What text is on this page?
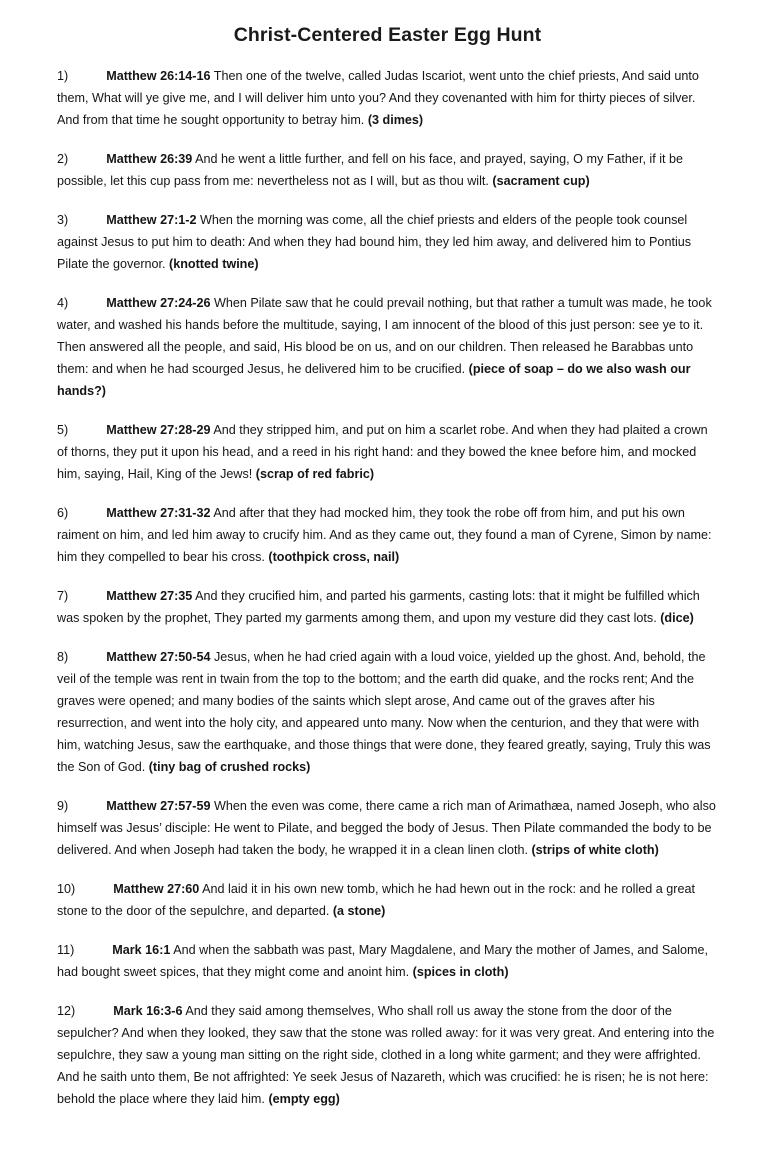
Christ-Centered Easter Egg Hunt

1)	Matthew 26:14-16 Then one of the twelve, called Judas Iscariot, went unto the chief priests, And said unto them, What will ye give me, and I will deliver him unto you? And they covenanted with him for thirty pieces of silver. And from that time he sought opportunity to betray him. (3 dimes)

2)	Matthew 26:39 And he went a little further, and fell on his face, and prayed, saying, O my Father, if it be possible, let this cup pass from me: nevertheless not as I will, but as thou wilt. (sacrament cup)

3)	Matthew 27:1-2 When the morning was come, all the chief priests and elders of the people took counsel against Jesus to put him to death: And when they had bound him, they led him away, and delivered him to Pontius Pilate the governor. (knotted twine)

4)	Matthew 27:24-26 When Pilate saw that he could prevail nothing, but that rather a tumult was made, he took water, and washed his hands before the multitude, saying, I am innocent of the blood of this just person: see ye to it. Then answered all the people, and said, His blood be on us, and on our children. Then released he Barabbas unto them: and when he had scourged Jesus, he delivered him to be crucified. (piece of soap – do we also wash our hands?)

5)	Matthew 27:28-29 And they stripped him, and put on him a scarlet robe. And when they had plaited a crown of thorns, they put it upon his head, and a reed in his right hand: and they bowed the knee before him, and mocked him, saying, Hail, King of the Jews! (scrap of red fabric)

6)	Matthew 27:31-32 And after that they had mocked him, they took the robe off from him, and put his own raiment on him, and led him away to crucify him. And as they came out, they found a man of Cyrene, Simon by name: him they compelled to bear his cross. (toothpick cross, nail)

7)	Matthew 27:35 And they crucified him, and parted his garments, casting lots: that it might be fulfilled which was spoken by the prophet, They parted my garments among them, and upon my vesture did they cast lots. (dice)

8)	Matthew 27:50-54 Jesus, when he had cried again with a loud voice, yielded up the ghost. And, behold, the veil of the temple was rent in twain from the top to the bottom; and the earth did quake, and the rocks rent; And the graves were opened; and many bodies of the saints which slept arose, And came out of the graves after his resurrection, and went into the holy city, and appeared unto many. Now when the centurion, and they that were with him, watching Jesus, saw the earthquake, and those things that were done, they feared greatly, saying, Truly this was the Son of God. (tiny bag of crushed rocks)

9)	Matthew 27:57-59 When the even was come, there came a rich man of Arimathæa, named Joseph, who also himself was Jesus’ disciple: He went to Pilate, and begged the body of Jesus. Then Pilate commanded the body to be delivered. And when Joseph had taken the body, he wrapped it in a clean linen cloth. (strips of white cloth)

10)	Matthew 27:60 And laid it in his own new tomb, which he had hewn out in the rock: and he rolled a great stone to the door of the sepulchre, and departed. (a stone)

11)	Mark 16:1 And when the sabbath was past, Mary Magdalene, and Mary the mother of James, and Salome, had bought sweet spices, that they might come and anoint him. (spices in cloth)

12)	Mark 16:3-6 And they said among themselves, Who shall roll us away the stone from the door of the sepulcher? And when they looked, they saw that the stone was rolled away: for it was very great. And entering into the sepulchre, they saw a young man sitting on the right side, clothed in a long white garment; and they were affrighted. And he saith unto them, Be not affrighted: Ye seek Jesus of Nazareth, which was crucified: he is risen; he is not here: behold the place where they laid him. (empty egg)
